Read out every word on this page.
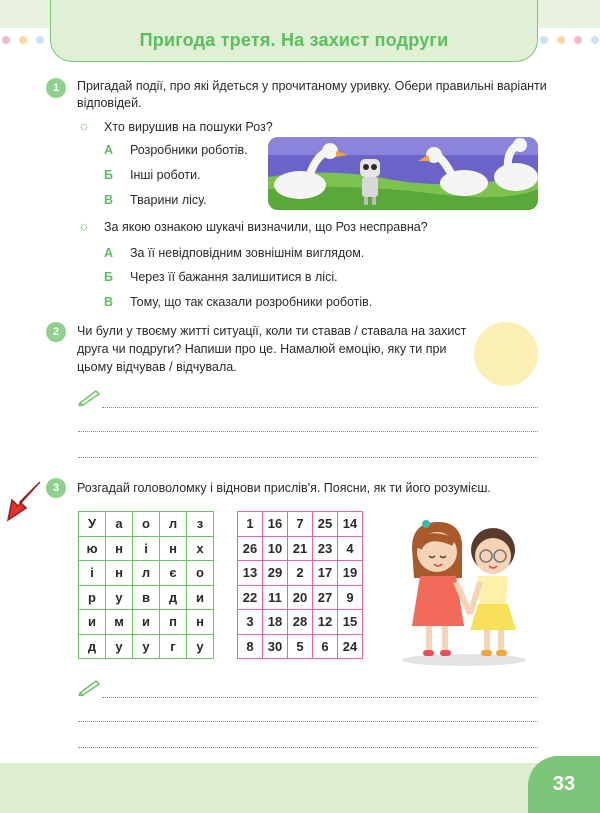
Пригода третя. На захист подруги
1	Пригадай події, про які йдеться у прочитаному уривку. Обери правильні варіанти
відповідей.
☼ Хто вирушив на пошуки Роз?
А Розробники роботів.
Б Інші роботи.
В Тварини лісу.
☼ За якою ознакою шукачі визначили, що Роз несправна?
А За її невідповідним зовнішнім виглядом.
Б Через її бажання залишитися в лісі.
В Тому, що так сказали розробники роботів.
2	Чи були у твоєму житті ситуації, коли ти ставав / ставала на захист
друга чи подруги? Напиши про це. Намалюй емоцію, яку ти при
цьому відчував / відчувала.
3	Розгадай головоломку і віднови прислів'я. Поясни, як ти його розумієш.
У	а	о	л	з
ю	н	і	н	х
і	н	л	є	о
р	у	в	д	и
и	м	и	п	н
д	у	у	г	у
1	16	7	25	14
26	10	21	23	4
13	29	2	17	19
22	11	20	27	9
3	18	28	12	15
8	30	5	6	24
33
